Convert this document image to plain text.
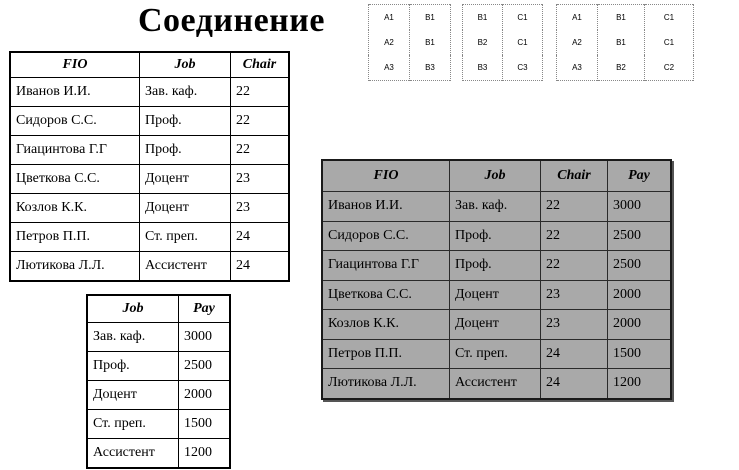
Соединение
FIO	Job	Chair
Иванов И.И.	Зав. каф.	22
Сидоров С.С.	Проф.	22
Гиацинтова Г.Г	Проф.	22
Цветкова С.С.	Доцент	23
Козлов К.К.	Доцент	23
Петров П.П.	Ст. преп.	24
Лютикова Л.Л.	Ассистент	24
Job	Pay
Зав. каф.	3000
Проф.	2500
Доцент	2000
Ст. преп.	1500
Ассистент	1200
FIO	Job	Chair	Pay
Иванов И.И.	Зав. каф.	22	3000
Сидоров С.С.	Проф.	22	2500
Гиацинтова Г.Г	Проф.	22	2500
Цветкова С.С.	Доцент	23	2000
Козлов К.К.	Доцент	23	2000
Петров П.П.	Ст. преп.	24	1500
Лютикова Л.Л.	Ассистент	24	1200
A1	B1
A2	B1
A3	B3
B1	C1
B2	C1
B3	C3
A1	B1	C1
A2	B1	C1
A3	B2	C2
